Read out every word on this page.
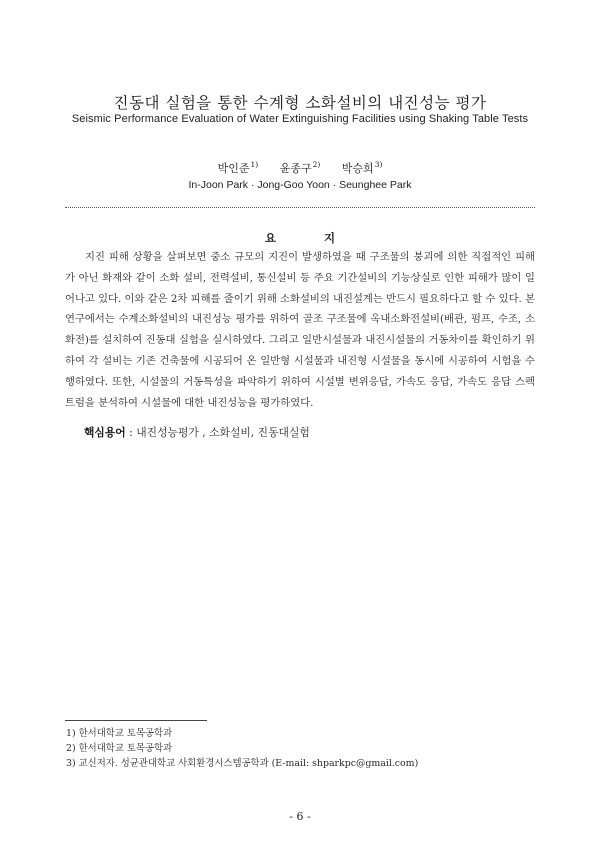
진동대 실험을 통한 수계형 소화설비의 내진성능 평가
Seismic Performance Evaluation of Water Extinguishing Facilities using Shaking Table Tests
박인준$^{1)}$ 윤종구$^{2)}$ 박승희$^{3)}$
In-Joon Park · Jong-Goo Yoon · Seunghee Park
요 지

지진 피해 상황을 살펴보면 중소 규모의 지진이 발생하였을 때 구조물의 붕괴에 의한 직접적인 피해가 아닌 화재와 같이 소화 설비, 전력설비, 통신설비 등 주요 기간설비의 기능상실로 인한 피해가 많이 일어나고 있다. 이와 같은 2차 피해를 줄이기 위해 소화설비의 내진설계는 반드시 필요하다고 할 수 있다. 본 연구에서는 수계소화설비의 내진성능 평가를 위하여 골조 구조물에 옥내소화전설비(배관, 펌프, 수조, 소화전)를 설치하여 진동대 실험을 실시하였다. 그리고 일반시설물과 내진시설물의 거동차이를 확인하기 위하여 각 설비는 기존 건축물에 시공되어 온 일반형 시설물과 내진형 시설물을 동시에 시공하여 시험을 수행하였다. 또한, 시설물의 거동특성을 파악하기 위하여 시설별 변위응답, 가속도 응답, 가속도 응답 스펙트럼을 분석하여 시설물에 대한 내진성능을 평가하였다.

핵심용어 : 내진성능평가 , 소화설비, 진동대실험
1) 한서대학교 토목공학과
2) 한서대학교 토목공학과
3) 교신저자. 성균관대학교 사회환경시스템공학과 (E-mail: shparkpc@gmail.com)
- 6 -
